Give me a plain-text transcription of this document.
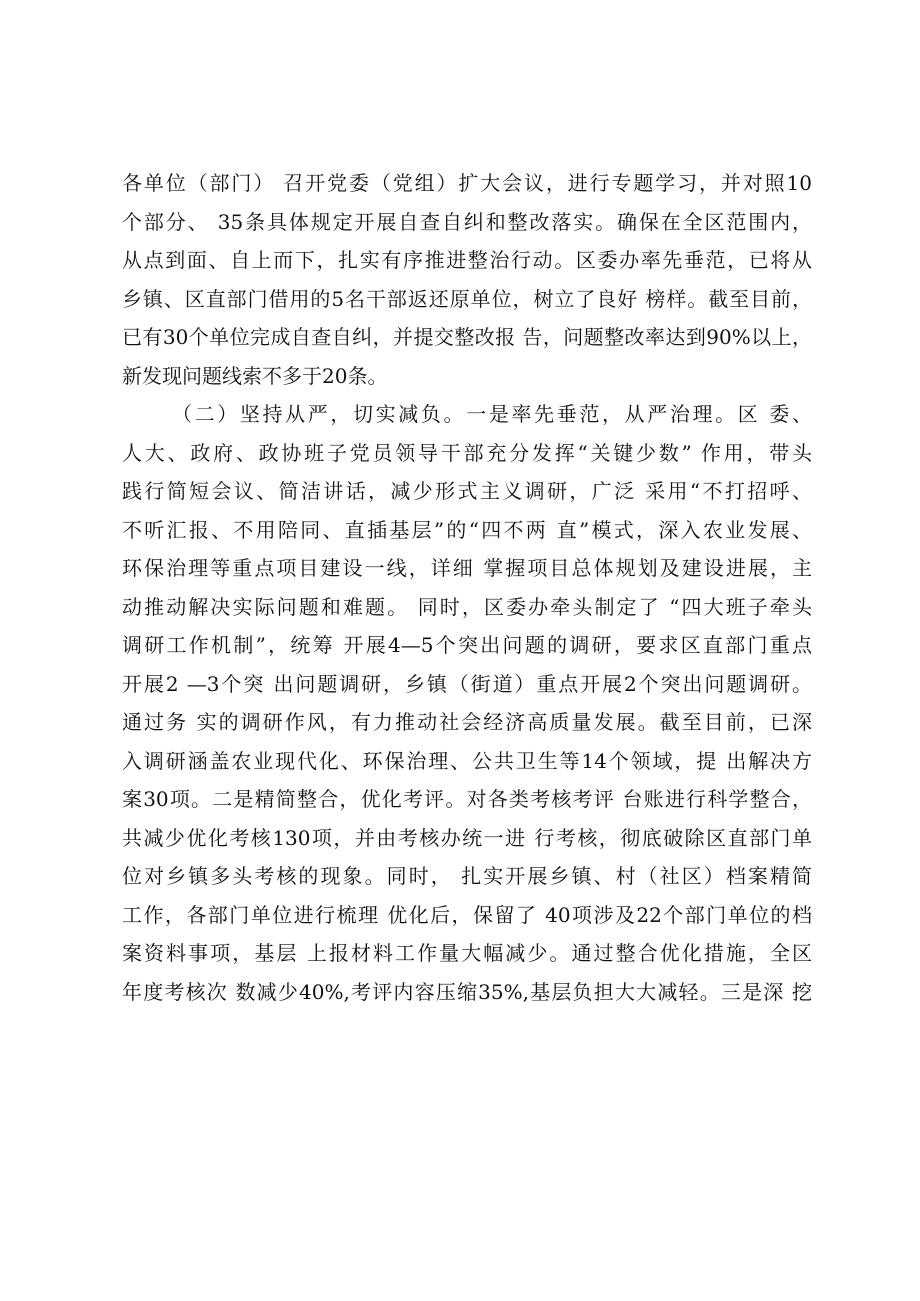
各单位（部门） 召开党委（党组）扩大会议，进行专题学习，并对照10
个部分、 35条具体规定开展自查自纠和整改落实。确保在全区范围内，
从点到面、自上而下，扎实有序推进整治行动。区委办率先垂范，已将从
乡镇、区直部门借用的5名干部返还原单位，树立了良好 榜样。截至目前，
已有30个单位完成自查自纠，并提交整改报 告，问题整改率达到90%以上，
新发现问题线索不多于20条。
（二）坚持从严，切实减负。一是率先垂范，从严治理。区 委、
人大、政府、政协班子党员领导干部充分发挥“关键少数” 作用，带头
践行简短会议、简洁讲话，减少形式主义调研，广泛 采用“不打招呼、
不听汇报、不用陪同、直插基层”的“四不两 直”模式，深入农业发展、
环保治理等重点项目建设一线，详细 掌握项目总体规划及建设进展，主
动推动解决实际问题和难题。 同时，区委办牵头制定了 “四大班子牵头
调研工作机制”，统筹 开展4—5个突出问题的调研，要求区直部门重点
开展2 —3个突 出问题调研，乡镇（街道）重点开展2个突出问题调研。
通过务 实的调研作风，有力推动社会经济高质量发展。截至目前，已深
入调研涵盖农业现代化、环保治理、公共卫生等14个领域，提 出解决方
案30项。二是精简整合，优化考评。对各类考核考评 台账进行科学整合，
共减少优化考核130项，并由考核办统一进 行考核，彻底破除区直部门单
位对乡镇多头考核的现象。同时， 扎实开展乡镇、村（社区）档案精简
工作，各部门单位进行梳理 优化后，保留了 40项涉及22个部门单位的档
案资料事项，基层 上报材料工作量大幅减少。通过整合优化措施，全区
年度考核次 数减少40%,考评内容压缩35%,基层负担大大减轻。三是深 挖
